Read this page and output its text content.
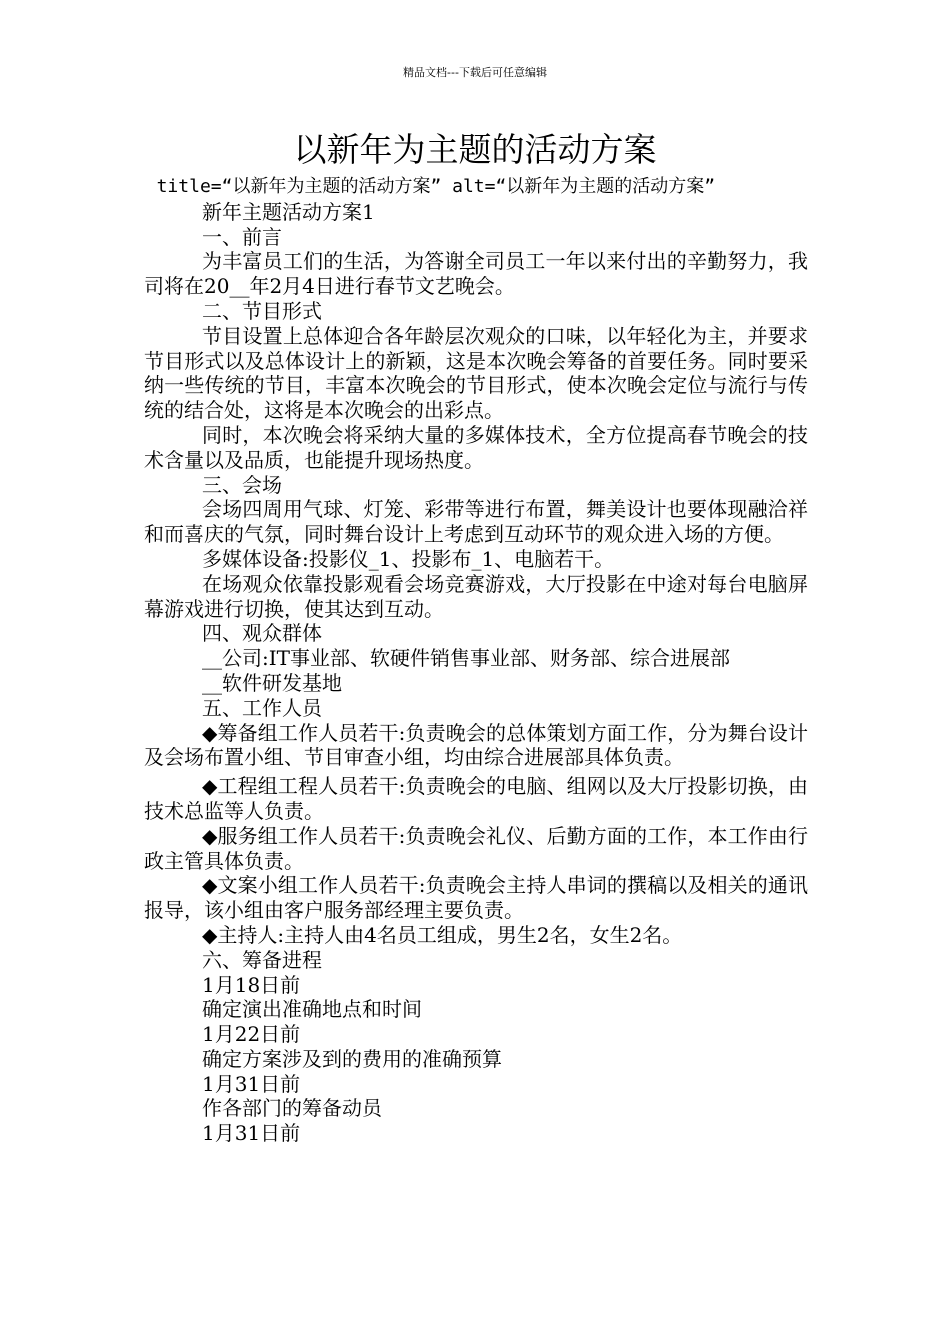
精品文档---下载后可任意编辑
以新年为主题的活动方案

title=“以新年为主题的活动方案” alt=“以新年为主题的活动方案”

新年主题活动方案1

一、前言

为丰富员工们的生活，为答谢全司员工一年以来付出的辛勤努力，我司将在20__年2月4日进行春节文艺晚会。

二、节目形式

节目设置上总体迎合各年龄层次观众的口味，以年轻化为主，并要求节目形式以及总体设计上的新颖，这是本次晚会筹备的首要任务。同时要采纳一些传统的节目，丰富本次晚会的节目形式，使本次晚会定位与流行与传统的结合处，这将是本次晚会的出彩点。

同时，本次晚会将采纳大量的多媒体技术，全方位提高春节晚会的技术含量以及品质，也能提升现场热度。

三、会场

会场四周用气球、灯笼、彩带等进行布置，舞美设计也要体现融洽祥和而喜庆的气氛，同时舞台设计上考虑到互动环节的观众进入场的方便。

多媒体设备:投影仪_1、投影布_1、电脑若干。

在场观众依靠投影观看会场竞赛游戏，大厅投影在中途对每台电脑屏幕游戏进行切换，使其达到互动。

四、观众群体

__公司:IT事业部、软硬件销售事业部、财务部、综合进展部

__软件研发基地

五、工作人员

◆筹备组工作人员若干:负责晚会的总体策划方面工作，分为舞台设计及会场布置小组、节目审查小组，均由综合进展部具体负责。

◆工程组工程人员若干:负责晚会的电脑、组网以及大厅投影切换，由技术总监等人负责。

◆服务组工作人员若干:负责晚会礼仪、后勤方面的工作，本工作由行政主管具体负责。

◆文案小组工作人员若干:负责晚会主持人串词的撰稿以及相关的通讯报导，该小组由客户服务部经理主要负责。

◆主持人:主持人由4名员工组成，男生2名，女生2名。

六、筹备进程

1月18日前

确定演出准确地点和时间

1月22日前

确定方案涉及到的费用的准确预算

1月31日前

作各部门的筹备动员

1月31日前
